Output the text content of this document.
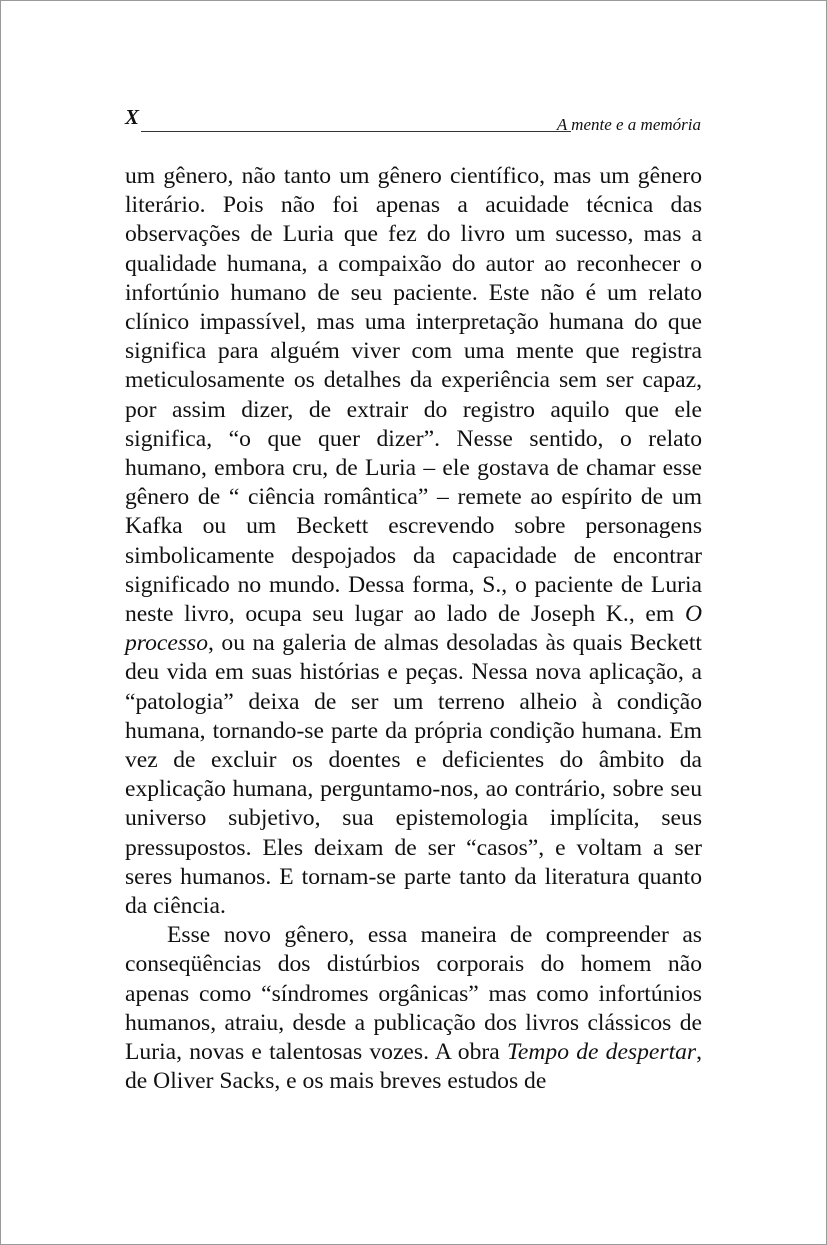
X	A mente e a memória

um gênero, não tanto um gênero científico, mas um gênero literário. Pois não foi apenas a acuidade técnica das observações de Luria que fez do livro um sucesso, mas a qualidade humana, a compaixão do autor ao reconhecer o infortúnio humano de seu paciente. Este não é um relato clínico impassível, mas uma interpretação humana do que significa para alguém viver com uma mente que registra meticulosamente os detalhes da experiência sem ser capaz, por assim dizer, de extrair do registro aquilo que ele significa, “o que quer dizer”. Nesse sentido, o relato humano, embora cru, de Luria – ele gostava de chamar esse gênero de “ ciência romântica” – remete ao espírito de um Kafka ou um Beckett escrevendo sobre personagens simbolicamente despojados da capacidade de encontrar significado no mundo. Dessa forma, S., o paciente de Luria neste livro, ocupa seu lugar ao lado de Joseph K., em O processo, ou na galeria de almas desoladas às quais Beckett deu vida em suas histórias e peças. Nessa nova aplicação, a “patologia” deixa de ser um terreno alheio à condição humana, tornando-se parte da própria condição humana. Em vez de excluir os doentes e deficientes do âmbito da explicação humana, perguntamo-nos, ao contrário, sobre seu universo subjetivo, sua epistemologia implícita, seus pressupostos. Eles deixam de ser “casos”, e voltam a ser seres humanos. E tornam-se parte tanto da literatura quanto da ciência.

Esse novo gênero, essa maneira de compreender as conseqüências dos distúrbios corporais do homem não apenas como “síndromes orgânicas” mas como infortúnios humanos, atraiu, desde a publicação dos livros clássicos de Luria, novas e talentosas vozes. A obra Tempo de despertar, de Oliver Sacks, e os mais breves estudos de
